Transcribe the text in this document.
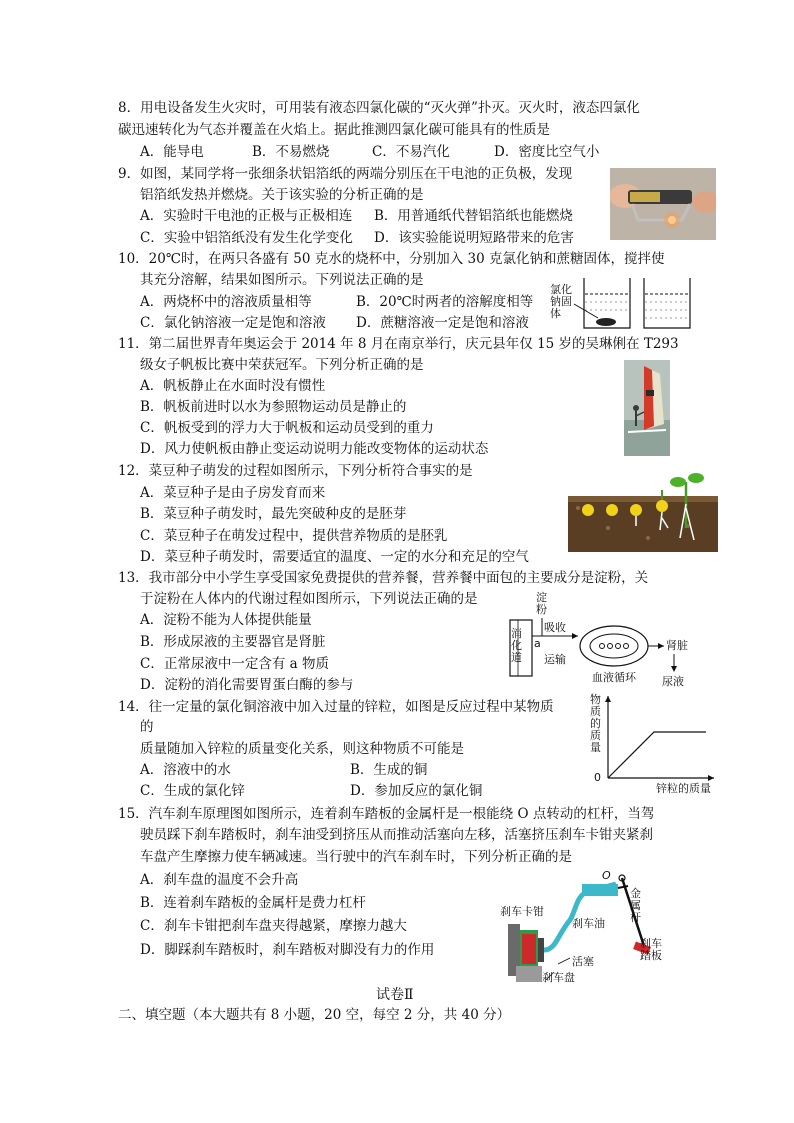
8．用电设备发生火灾时，可用装有液态四氯化碳的“灭火弹”扑灭。灭火时，液态四氯化
碳迅速转化为气态并覆盖在火焰上。据此推测四氯化碳可能具有的性质是
A．能导电	B．不易燃烧	C．不易汽化	D．密度比空气小
9．如图，某同学将一张细条状铝箔纸的两端分别压在干电池的正负极，发现
铝箔纸发热并燃烧。关于该实验的分析正确的是
A．实验时干电池的正极与正极相连 B．用普通纸代替铝箔纸也能燃烧
C．实验中铝箔纸没有发生化学变化 D．该实验能说明短路带来的危害
10．20℃时，在两只各盛有 50 克水的烧杯中，分别加入 30 克氯化钠和蔗糖固体，搅拌使
其充分溶解，结果如图所示。下列说法正确的是
A．两烧杯中的溶液质量相等	B．20℃时两者的溶解度相等
C．氯化钠溶液一定是饱和溶液 D．蔗糖溶液一定是饱和溶液
氯化
钠固
体
11．第二届世界青年奥运会于 2014 年 8 月在南京举行，庆元县年仅 15 岁的吴琳俐在 T293
级女子帆板比赛中荣获冠军。下列分析正确的是
A．帆板静止在水面时没有惯性
B．帆板前进时以水为参照物运动员是静止的
C．帆板受到的浮力大于帆板和运动员受到的重力
D．风力使帆板由静止变运动说明力能改变物体的运动状态
12．菜豆种子萌发的过程如图所示，下列分析符合事实的是
A．菜豆种子是由子房发育而来
B．菜豆种子萌发时，最先突破种皮的是胚芽
C．菜豆种子在萌发过程中，提供营养物质的是胚乳
D．菜豆种子萌发时，需要适宜的温度、一定的水分和充足的空气
13．我市部分中小学生享受国家免费提供的营养餐，营养餐中面包的主要成分是淀粉，关
于淀粉在人体内的代谢过程如图所示，下列说法正确的是
A．淀粉不能为人体提供能量
B．形成尿液的主要器官是肾脏
C．正常尿液中一定含有 a 物质
D．淀粉的消化需要胃蛋白酶的参与
淀粉
消化道
a
吸收
运输
血液循环
肾脏
尿液
14．往一定量的氯化铜溶液中加入过量的锌粒，如图是反应过程中某物质
的
质量随加入锌粒的质量变化关系，则这种物质不可能是
A．溶液中的水	B．生成的铜
C．生成的氯化锌	D．参加反应的氯化铜
物
质
的
质
量
0
锌粒的质量
15．汽车刹车原理图如图所示，连着刹车踏板的金属杆是一根能绕 O 点转动的杠杆，当驾
驶员踩下刹车踏板时，刹车油受到挤压从而推动活塞向左移，活塞挤压刹车卡钳夹紧刹
车盘产生摩擦力使车辆减速。当行驶中的汽车刹车时，下列分析正确的是
A．刹车盘的温度不会升高
B．连着刹车踏板的金属杆是费力杠杆
C．刹车卡钳把刹车盘夹得越紧，摩擦力越大
D．脚踩刹车踏板时，刹车踏板对脚没有力的作用
刹车卡钳
刹车油
活塞
刹车盘
O
金
属
杆
刹车
踏板
试卷Ⅱ
二、填空题（本大题共有 8 小题，20 空，每空 2 分，共 40 分）
